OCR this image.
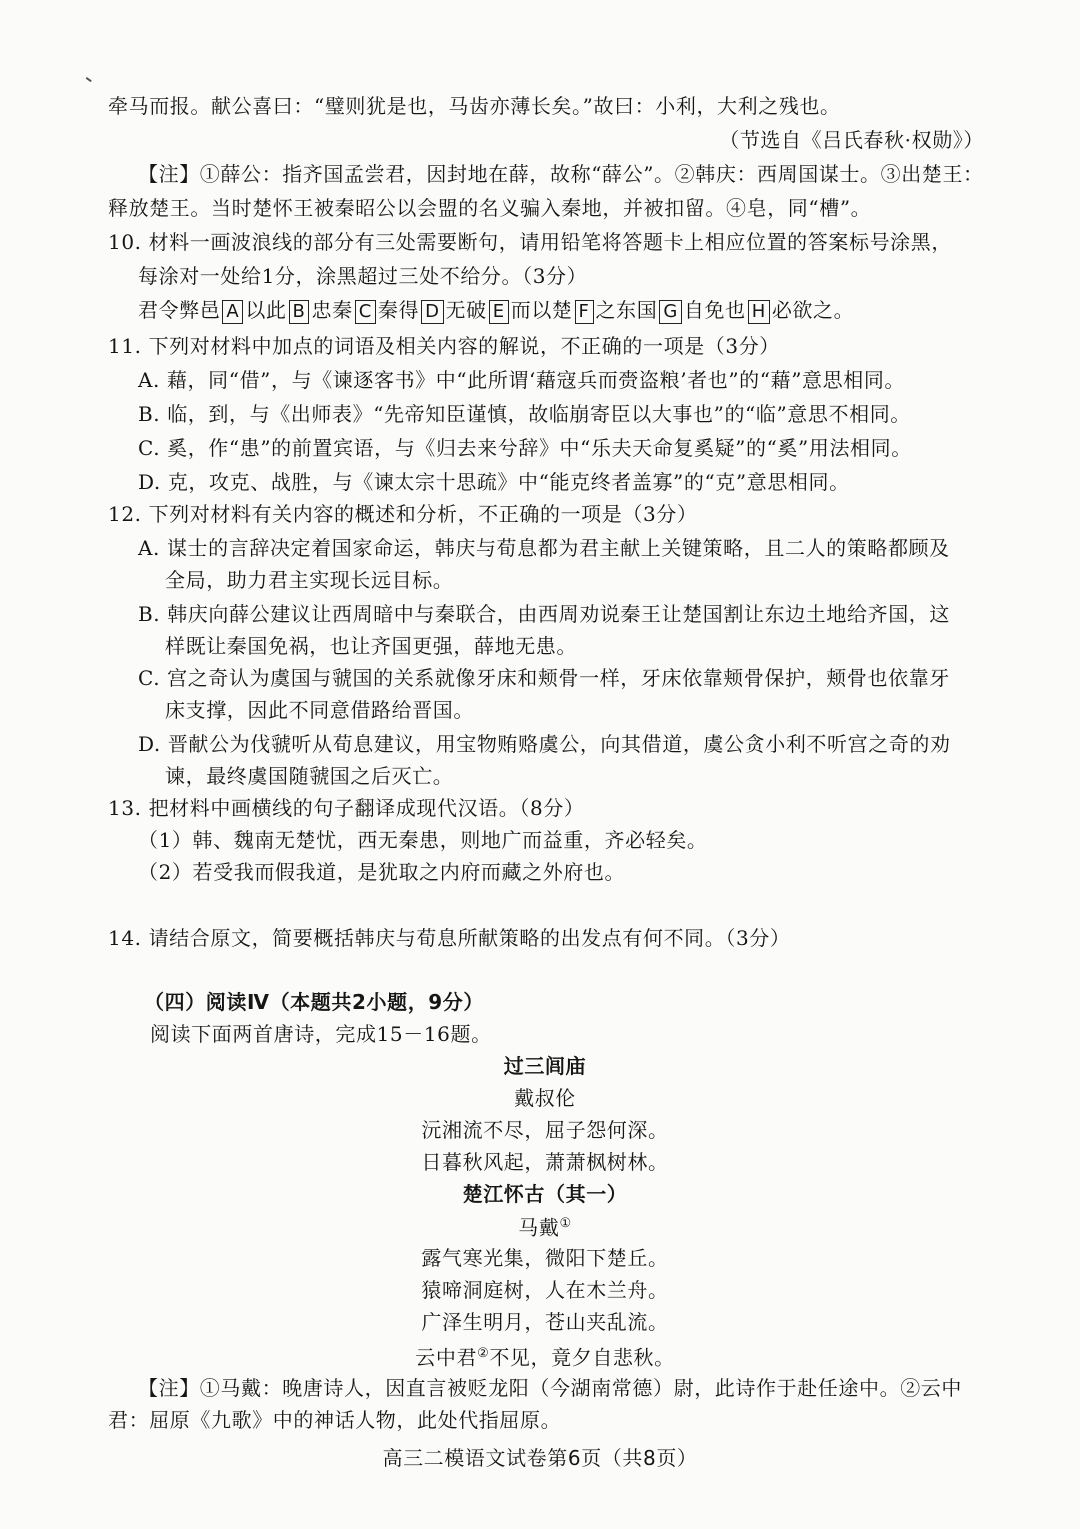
牵马而报。献公喜曰：“璧则犹是也，马齿亦薄长矣。”故曰：小利，大利之残也。
（节选自《吕氏春秋·权勋》）
【注】①薛公：指齐国孟尝君，因封地在薛，故称“薛公”。②韩庆：西周国谋士。③出楚王：
释放楚王。当时楚怀王被秦昭公以会盟的名义骗入秦地，并被扣留。④皂，同“槽”。
10. 材料一画波浪线的部分有三处需要断句，请用铅笔将答题卡上相应位置的答案标号涂黑，
每涂对一处给1分，涂黑超过三处不给分。（3分）
君令弊邑 A 以此 B 忠秦 C 秦得 D 无破 E 而以楚 F 之东国 G 自免也 H 必欲之。
11. 下列对材料中加点的词语及相关内容的解说，不正确的一项是（3分）
A. 藉，同“借”，与《谏逐客书》中“此所谓‘藉寇兵而赍盗粮’者也”的“藉”意思相同。
B. 临，到，与《出师表》“先帝知臣谨慎，故临崩寄臣以大事也”的“临”意思不相同。
C. 奚，作“患”的前置宾语，与《归去来兮辞》中“乐夫天命复奚疑”的“奚”用法相同。
D. 克，攻克、战胜，与《谏太宗十思疏》中“能克终者盖寡”的“克”意思相同。
12. 下列对材料有关内容的概述和分析，不正确的一项是（3分）
A. 谋士的言辞决定着国家命运，韩庆与荀息都为君主献上关键策略，且二人的策略都顾及
全局，助力君主实现长远目标。
B. 韩庆向薛公建议让西周暗中与秦联合，由西周劝说秦王让楚国割让东边土地给齐国，这
样既让秦国免祸，也让齐国更强，薛地无患。
C. 宫之奇认为虞国与虢国的关系就像牙床和颊骨一样，牙床依靠颊骨保护，颊骨也依靠牙
床支撑，因此不同意借路给晋国。
D. 晋献公为伐虢听从荀息建议，用宝物贿赂虞公，向其借道，虞公贪小利不听宫之奇的劝
谏，最终虞国随虢国之后灭亡。
13. 把材料中画横线的句子翻译成现代汉语。（8分）
（1）韩、魏南无楚忧，西无秦患，则地广而益重，齐必轻矣。
（2）若受我而假我道，是犹取之内府而藏之外府也。
14. 请结合原文，简要概括韩庆与荀息所献策略的出发点有何不同。（3分）
（四）阅读Ⅳ（本题共2小题，9分）
阅读下面两首唐诗，完成15－16题。
过三闾庙
戴叔伦
沅湘流不尽，屈子怨何深。
日暮秋风起，萧萧枫树林。
楚江怀古（其一）
马戴①
露气寒光集，微阳下楚丘。
猿啼洞庭树，人在木兰舟。
广泽生明月，苍山夹乱流。
云中君②不见，竟夕自悲秋。
【注】①马戴：晚唐诗人，因直言被贬龙阳（今湖南常德）尉，此诗作于赴任途中。②云中
君：屈原《九歌》中的神话人物，此处代指屈原。
高三二模语文试卷第6页（共8页）
